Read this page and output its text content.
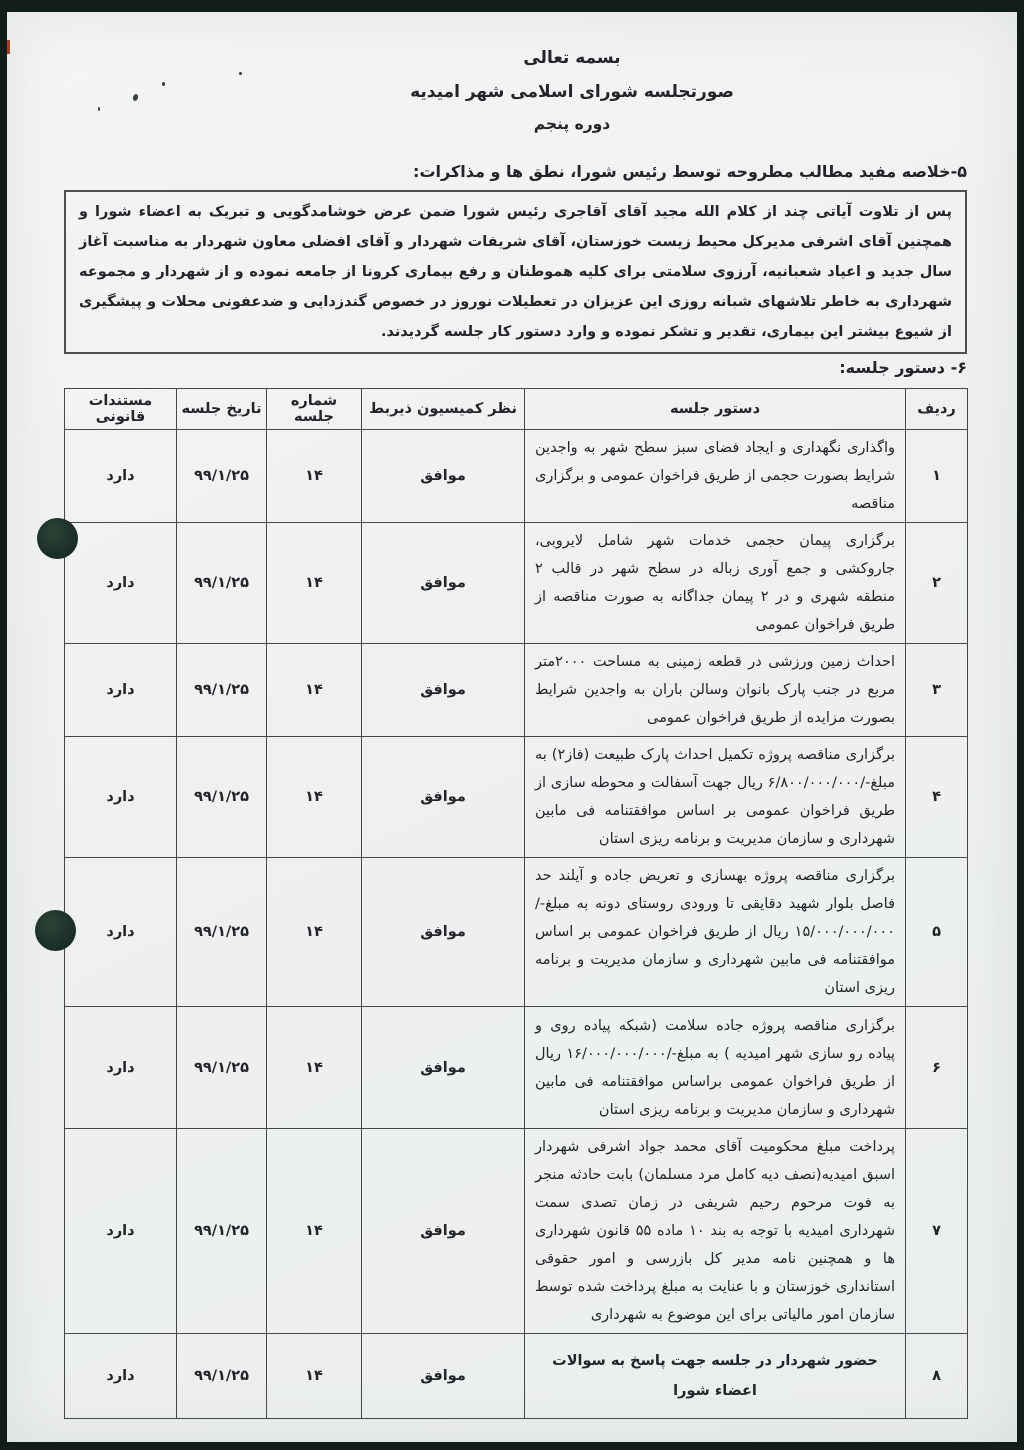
بسمه تعالی
صورتجلسه شورای اسلامی شهر امیدیه
دوره پنجم
۵-خلاصه مفید مطالب مطروحه توسط رئیس شورا، نطق ها و مذاکرات:
پس از تلاوت آیاتی چند از کلام الله مجید آقای آقاجری رئیس شورا ضمن عرض خوشامدگویی و تبریک به اعضاء شورا و همچنین آقای اشرفی مدیرکل محیط زیست خوزستان، آقای شریفات شهردار و آقای افضلی معاون شهردار به مناسبت آغاز سال جدید و اعیاد شعبانیه، آرزوی سلامتی برای کلیه هموطنان و رفع بیماری کرونا از جامعه نموده و از شهردار و مجموعه شهرداری به خاطر تلاشهای شبانه روزی این عزیزان در تعطیلات نوروز در خصوص گندزدایی و ضدعفونی محلات و پیشگیری از شیوع بیشتر این بیماری، تقدیر و تشکر نموده و وارد دستور کار جلسه گردیدند.
۶- دستور جلسه:
ردیف	دستور جلسه	نظر کمیسیون ذیربط	شماره جلسه	تاریخ جلسه	مستندات قانونی
۱	واگذاری نگهداری و ایجاد فضای سبز سطح شهر به واجدین شرایط بصورت حجمی از طریق فراخوان عمومی و برگزاری مناقصه	موافق	۱۴	۹۹/۱/۲۵	دارد
۲	برگزاری پیمان حجمی خدمات شهر شامل لایروبی، جاروکشی و جمع آوری زباله در سطح شهر در قالب ۲ منطقه شهری و در ۲ پیمان جداگانه به صورت مناقصه از طریق فراخوان عمومی	موافق	۱۴	۹۹/۱/۲۵	دارد
۳	احداث زمین ورزشی در قطعه زمینی به مساحت ۲۰۰۰متر مربع در جنب پارک بانوان وسالن باران به واجدین شرایط بصورت مزایده از طریق فراخوان عمومی	موافق	۱۴	۹۹/۱/۲۵	دارد
۴	برگزاری مناقصه پروژه تکمیل احداث پارک طبیعت (فاز۲) به مبلغ-/۶/۸۰۰/۰۰۰/۰۰۰ ریال جهت آسفالت و محوطه سازی از طریق فراخوان عمومی بر اساس موافقتنامه فی مابین شهرداری و سازمان مدیریت و برنامه ریزی استان	موافق	۱۴	۹۹/۱/۲۵	دارد
۵	برگزاری مناقصه پروژه بهسازی و تعریض جاده و آیلند حد فاصل بلوار شهید دقایقی تا ورودی روستای دونه به مبلغ-/۱۵/۰۰۰/۰۰۰/۰۰۰ ریال از طریق فراخوان عمومی بر اساس موافقتنامه فی مابین شهرداری و سازمان مدیریت و برنامه ریزی استان	موافق	۱۴	۹۹/۱/۲۵	دارد
۶	برگزاری مناقصه پروژه جاده سلامت (شبکه پیاده روی و پیاده رو سازی شهر امیدیه ) به مبلغ-/۱۶/۰۰۰/۰۰۰/۰۰۰ ریال از طریق فراخوان عمومی براساس موافقتنامه فی مابین شهرداری و سازمان مدیریت و برنامه ریزی استان	موافق	۱۴	۹۹/۱/۲۵	دارد
۷	پرداخت مبلغ محکومیت آقای محمد جواد اشرفی شهردار اسبق امیدیه(نصف دیه کامل مرد مسلمان) بابت حادثه منجر به فوت مرحوم رحیم شریفی در زمان تصدی سمت شهرداری امیدیه با توجه به بند ۱۰ ماده ۵۵ قانون شهرداری ها و همچنین نامه مدیر کل بازرسی و امور حقوقی استانداری خوزستان و با عنایت به مبلغ پرداخت شده توسط سازمان امور مالیاتی برای این موضوع به شهرداری	موافق	۱۴	۹۹/۱/۲۵	دارد
۸	حضور شهردار در جلسه جهت پاسخ به سوالات اعضاء شورا	موافق	۱۴	۹۹/۱/۲۵	دارد
